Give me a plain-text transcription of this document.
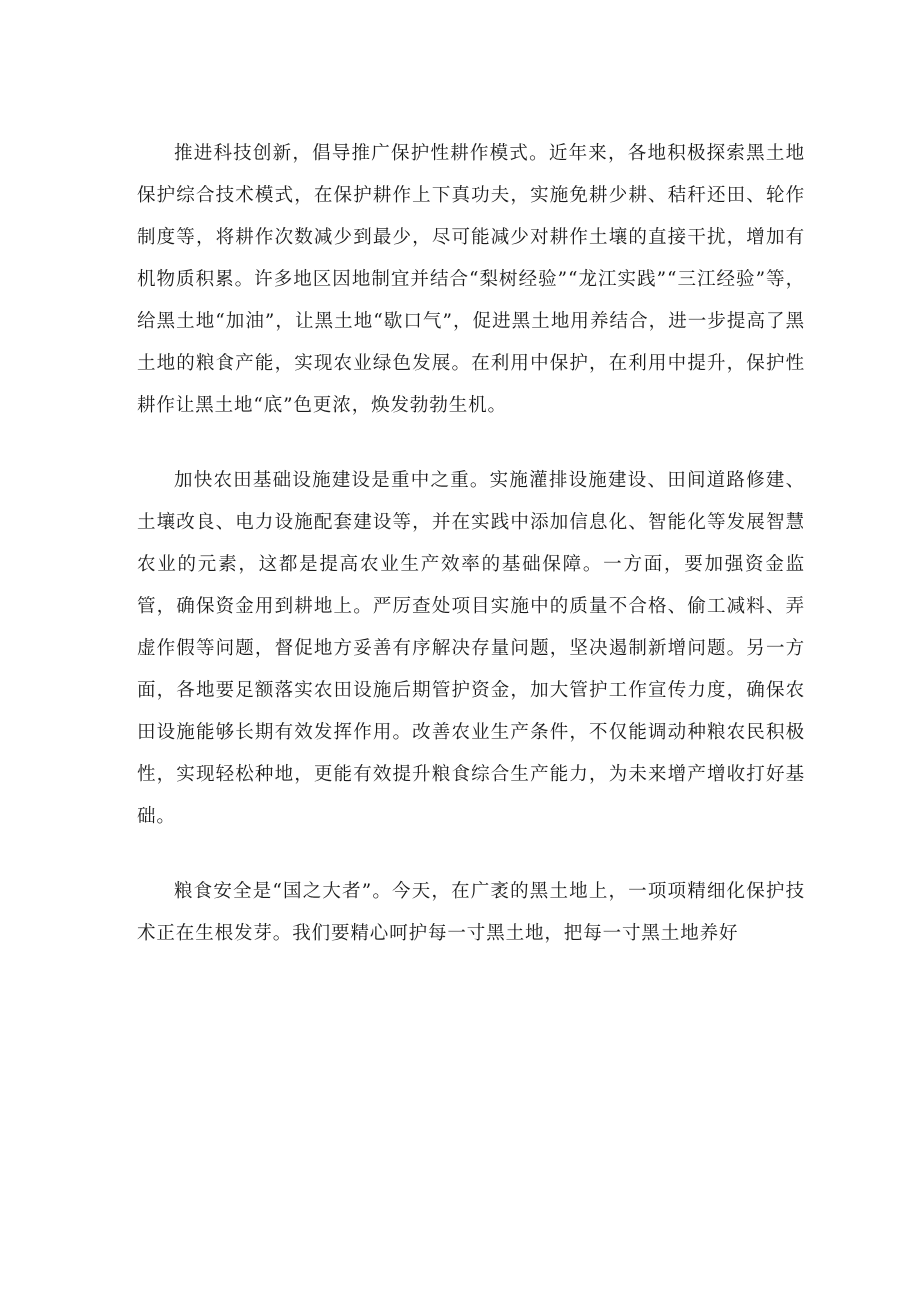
推进科技创新，倡导推广保护性耕作模式。近年来，各地积极探索黑土地保护综合技术模式，在保护耕作上下真功夫，实施免耕少耕、秸秆还田、轮作制度等，将耕作次数减少到最少，尽可能减少对耕作土壤的直接干扰，增加有机物质积累。许多地区因地制宜并结合“梨树经验”“龙江实践”“三江经验”等，给黑土地“加油”，让黑土地“歇口气”，促进黑土地用养结合，进一步提高了黑土地的粮食产能，实现农业绿色发展。在利用中保护，在利用中提升，保护性耕作让黑土地“底”色更浓，焕发勃勃生机。

加快农田基础设施建设是重中之重。实施灌排设施建设、田间道路修建、土壤改良、电力设施配套建设等，并在实践中添加信息化、智能化等发展智慧农业的元素，这都是提高农业生产效率的基础保障。一方面，要加强资金监管，确保资金用到耕地上。严厉查处项目实施中的质量不合格、偷工减料、弄虚作假等问题，督促地方妥善有序解决存量问题，坚决遏制新增问题。另一方面，各地要足额落实农田设施后期管护资金，加大管护工作宣传力度，确保农田设施能够长期有效发挥作用。改善农业生产条件，不仅能调动种粮农民积极性，实现轻松种地，更能有效提升粮食综合生产能力，为未来增产增收打好基础。

粮食安全是“国之大者”。今天，在广袤的黑土地上，一项项精细化保护技术正在生根发芽。我们要精心呵护每一寸黑土地，把每一寸黑土地养好
